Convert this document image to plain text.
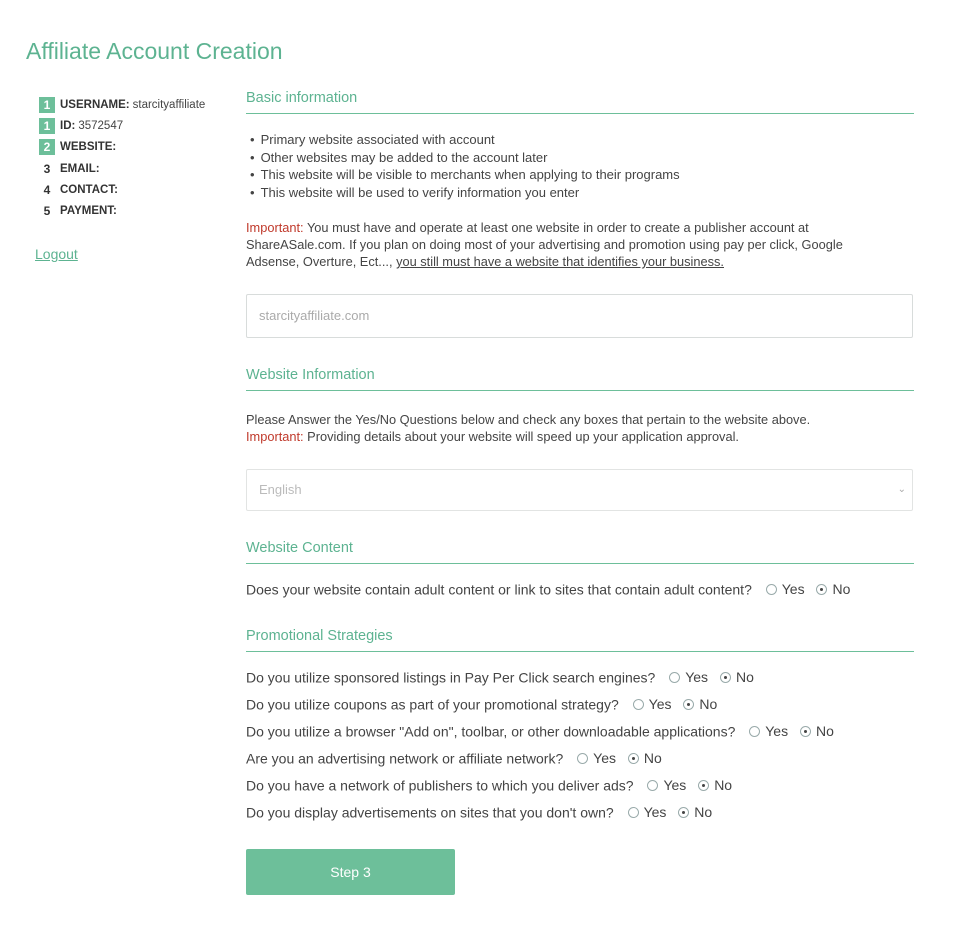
Affiliate Account Creation
1 USERNAME: starcityaffiliate
1 ID: 3572547
2 WEBSITE:
3 EMAIL:
4 CONTACT:
5 PAYMENT:
Logout
Basic information
• Primary website associated with account
• Other websites may be added to the account later
• This website will be visible to merchants when applying to their programs
• This website will be used to verify information you enter
Important: You must have and operate at least one website in order to create a publisher account at ShareASale.com. If you plan on doing most of your advertising and promotion using pay per click, Google Adsense, Overture, Ect..., you still must have a website that identifies your business.
starcityaffiliate.com
Website Information
Please Answer the Yes/No Questions below and check any boxes that pertain to the website above.
Important: Providing details about your website will speed up your application approval.
English	⌄
Website Content
Does your website contain adult content or link to sites that contain adult content? Yes
No
Promotional Strategies
Do you utilize sponsored listings in Pay Per Click search engines? Yes
No
Do you utilize coupons as part of your promotional strategy? Yes
No
Do you utilize a browser "Add on", toolbar, or other downloadable applications? Yes
No
Are you an advertising network or affiliate network? Yes
No
Do you have a network of publishers to which you deliver ads? Yes
No
Do you display advertisements on sites that you don't own? Yes
No
Step 3
